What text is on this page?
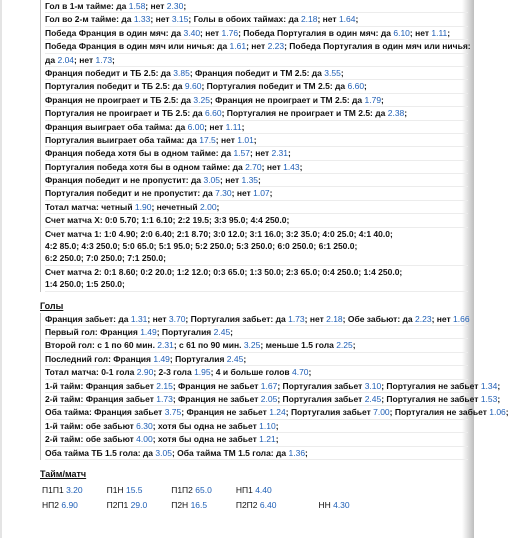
Гол в 1-м тайме: да 1.58; нет 2.30;
Гол во 2-м тайме: да 1.33; нет 3.15; Голы в обоих таймах: да 2.18; нет 1.64;
Победа Франция в один мяч: да 3.40; нет 1.76; Победа Португалия в один мяч: да 6.10; нет 1.11;
Победа Франция в один мяч или ничья: да 1.61; нет 2.23; Победа Португалия в один мяч или ничья:
да 2.04; нет 1.73;
Франция победит и ТБ 2.5: да 3.85; Франция победит и ТМ 2.5: да 3.55;
Португалия победит и ТБ 2.5: да 9.60; Португалия победит и ТМ 2.5: да 6.60;
Франция не проиграет и ТБ 2.5: да 3.25; Франция не проиграет и ТМ 2.5: да 1.79;
Португалия не проиграет и ТБ 2.5: да 6.60; Португалия не проиграет и ТМ 2.5: да 2.38;
Франция выиграет оба тайма: да 6.00; нет 1.11;
Португалия выиграет оба тайма: да 17.5; нет 1.01;
Франция победа хотя бы в одном тайме: да 1.57; нет 2.31;
Португалия победа хотя бы в одном тайме: да 2.70; нет 1.43;
Франция победит и не пропустит: да 3.05; нет 1.35;
Португалия победит и не пропустит: да 7.30; нет 1.07;
Тотал матча: четный 1.90; нечетный 2.00;
Счет матча Х: 0:0 5.70; 1:1 6.10; 2:2 19.5; 3:3 95.0; 4:4 250.0;
Счет матча 1: 1:0 4.90; 2:0 6.40; 2:1 8.70; 3:0 12.0; 3:1 16.0; 3:2 35.0; 4:0 25.0; 4:1 40.0;
4:2 85.0; 4:3 250.0; 5:0 65.0; 5:1 95.0; 5:2 250.0; 5:3 250.0; 6:0 250.0; 6:1 250.0;
6:2 250.0; 7:0 250.0; 7:1 250.0;
Счет матча 2: 0:1 8.60; 0:2 20.0; 1:2 12.0; 0:3 65.0; 1:3 50.0; 2:3 65.0; 0:4 250.0; 1:4 250.0;
1:4 250.0; 1:5 250.0;
Голы
Франция забьет: да 1.31; нет 3.70; Португалия забьет: да 1.73; нет 2.18; Обе забьют: да 2.23; нет 1.66
Первый гол: Франция 1.49; Португалия 2.45;
Второй гол: с 1 по 60 мин. 2.31; с 61 по 90 мин. 3.25; меньше 1.5 гола 2.25;
Последний гол: Франция 1.49; Португалия 2.45;
Тотал матча: 0-1 гола 2.90; 2-3 гола 1.95; 4 и больше голов 4.70;
1-й тайм: Франция забьет 2.15; Франция не забьет 1.67; Португалия забьет 3.10; Португалия не забьет 1.34;
2-й тайм: Франция забьет 1.73; Франция не забьет 2.05; Португалия забьет 2.45; Португалия не забьет 1.53;
Оба тайма: Франция забьет 3.75; Франция не забьет 1.24; Португалия забьет 7.00; Португалия не забьет 1.06;
1-й тайм: обе забьют 6.30; хотя бы одна не забьет 1.10;
2-й тайм: обе забьют 4.00; хотя бы одна не забьет 1.21;
Оба тайма ТБ 1.5 гола: да 3.05; Оба тайма ТМ 1.5 гола: да 1.36;
Тайм/матч
П1П1 3.20	П1Н 15.5	П1П2 65.0	НП1 4.40	
НП2 6.90	П2П1 29.0	П2Н 16.5	П2П2 6.40	НН 4.30
